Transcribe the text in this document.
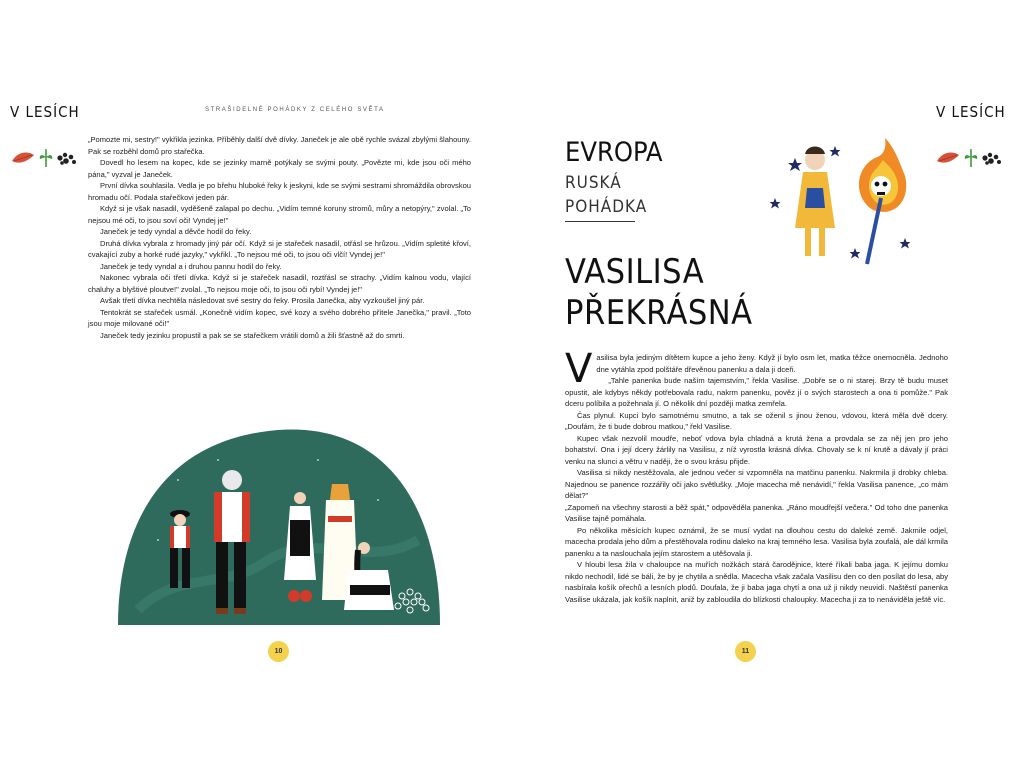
V LESÍCH	STRAŠIDELNÉ POHÁDKY Z CELÉHO SVĚTA

„Pomozte mi, sestry!" vykřikla jezinka. Příběhly další dvě dívky. Janeček je ale obě rychle svázal zbylými šlahouny. Pak se rozběhl domů pro stařečka.

Dovedl ho lesem na kopec, kde se jezinky marně potýkaly se svými pouty. „Povězte mi, kde jsou oči mého pána," vyzval je Janeček.

První dívka souhlasila. Vedla je po břehu hluboké řeky k jeskyni, kde se svými sestrami shromáždila obrovskou hromadu očí. Podala stařečkovi jeden pár.

Když si je však nasadil, vyděšeně zalapal po dechu. „Vidím temné koruny stromů, můry a netopýry," zvolal. „To nejsou mé oči, to jsou soví oči! Vyndej je!"

Janeček je tedy vyndal a děvče hodil do řeky.

Druhá dívka vybrala z hromady jiný pár očí. Když si je stařeček nasadil, otřásl se hrůzou. „Vidím spletité křoví, cvakající zuby a horké rudé jazyky," vykřikl. „To nejsou mé oči, to jsou oči vlčí! Vyndej je!"

Janeček je tedy vyndal a i druhou pannu hodil do řeky.

Nakonec vybrala oči třetí dívka. Když si je stařeček nasadil, roztřásl se strachy. „Vidím kalnou vodu, vlající chaluhy a blyštivé ploutve!" zvolal. „To nejsou moje oči, to jsou oči rybí! Vyndej je!"

Avšak třetí dívka nechtěla následovat své sestry do řeky. Prosila Janečka, aby vyzkoušel jiný pár.

Tentokrát se stařeček usmál. „Konečně vidím kopec, své kozy a svého dobrého přítele Janečka," pravil. „Toto jsou moje milované oči!"

Janeček tedy jezinku propustil a pak se se stařečkem vrátili domů a žili šťastně až do smrti.

10
V LESÍCH
EVROPA
RUSKÁ
POHÁDKA
VASILISA
PŘEKRÁSNÁ

Vasilisa byla jediným dítětem kupce a jeho ženy. Když jí bylo osm let, matka těžce onemocněla. Jednoho dne vytáhla zpod polštáře dřevěnou panenku a dala ji dceři.

„Tahle panenka bude naším tajemstvím," řekla Vasilise. „Dobře se o ni starej. Brzy tě budu muset opustit, ale kdybys někdy potřebovala radu, nakrm panenku, pověz jí o svých starostech a ona ti pomůže." Pak dceru políbila a požehnala jí. O několik dní později matka zemřela.

Čas plynul. Kupci bylo samotnému smutno, a tak se oženil s jinou ženou, vdovou, která měla dvě dcery. „Doufám, že ti bude dobrou matkou," řekl Vasilise.

Kupec však nezvolil moudře, neboť vdova byla chladná a krutá žena a provdala se za něj jen pro jeho bohatství. Ona i její dcery žárlily na Vasilisu, z níž vyrostla krásná dívka. Chovaly se k ní krutě a dávaly jí práci venku na slunci a větru v naději, že o svou krásu přijde.

Vasilisa si nikdy nestěžovala, ale jednou večer si vzpomněla na matčinu panenku. Nakrmila ji drobky chleba. Najednou se panence rozzářily oči jako světlušky. „Moje macecha mě nenávidí," řekla Vasilisa panence, „co mám dělat?"

„Zapomeň na všechny starosti a běž spát," odpověděla panenka. „Ráno moudřejší večera." Od toho dne panenka Vasilise tajně pomáhala.

Po několika měsících kupec oznámil, že se musí vydat na dlouhou cestu do daleké země. Jakmile odjel, macecha prodala jeho dům a přestěhovala rodinu daleko na kraj temného lesa. Vasilisa byla zoufalá, ale dál krmila panenku a ta naslouchala jejím starostem a utěšovala ji.

V hloubi lesa žila v chaloupce na muřích nožkách stará čarodějnice, které říkali baba jaga. K jejímu domku nikdo nechodil, lidé se báli, že by je chytila a snědla. Macecha však začala Vasilisu den co den posílat do lesa, aby nasbírala košík ořechů a lesních plodů. Doufala, že ji baba jaga chytí a ona už ji nikdy neuvidí. Naštěstí panenka Vasilise ukázala, jak košík naplnit, aniž by zabloudila do blízkosti chaloupky. Macecha ji za to nenáviděla ještě víc.

11
